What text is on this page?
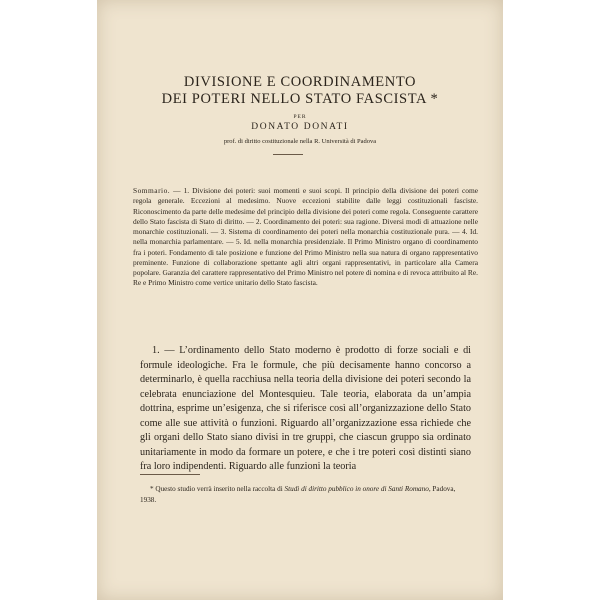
DIVISIONE E COORDINAMENTO
DEI POTERI NELLO STATO FASCISTA *
PER
DONATO DONATI
prof. di diritto costituzionale nella R. Università di Padova
Sommario. — 1. Divisione dei poteri: suoi momenti e suoi scopi. Il principio della divisione dei poteri come regola generale. Eccezioni al medesimo. Nuove eccezioni stabilite dalle leggi costituzionali fasciste. Riconoscimento da parte delle medesime del principio della divisione dei poteri come regola. Conseguente carattere dello Stato fascista di Stato di diritto. — 2. Coordinamento dei poteri: sua ragione. Diversi modi di attuazione nelle monarchie costituzionali. — 3. Sistema di coordinamento dei poteri nella monarchia costituzionale pura. — 4. Id. nella monarchia parlamentare. — 5. Id. nella monarchia presidenziale. Il Primo Ministro organo di coordinamento fra i poteri. Fondamento di tale posizione e funzione del Primo Ministro nella sua natura di organo rappresentativo preminente. Funzione di collaborazione spettante agli altri organi rappresentativi, in particolare alla Camera popolare. Garanzia del carattere rappresentativo del Primo Ministro nel potere di nomina e di revoca attribuito al Re. Re e Primo Ministro come vertice unitario dello Stato fascista.
1. — L’ordinamento dello Stato moderno è prodotto di forze sociali e di formule ideologiche. Fra le formule, che più decisamente hanno concorso a determinarlo, è quella racchiusa nella teoria della divisione dei poteri secondo la celebrata enunciazione del Montesquieu. Tale teoria, elaborata da un’ampia dottrina, esprime un’esigenza, che si riferisce così all’organizzazione dello Stato come alle sue attività o funzioni. Riguardo all’organizzazione essa richiede che gli organi dello Stato siano divisi in tre gruppi, che ciascun gruppo sia ordinato unitariamente in modo da formare un potere, e che i tre poteri così distinti siano fra loro indipendenti. Riguardo alle funzioni la teoria
* Questo studio verrà inserito nella raccolta di Studi di diritto pubblico in onore di Santi Romano, Padova, 1938.
